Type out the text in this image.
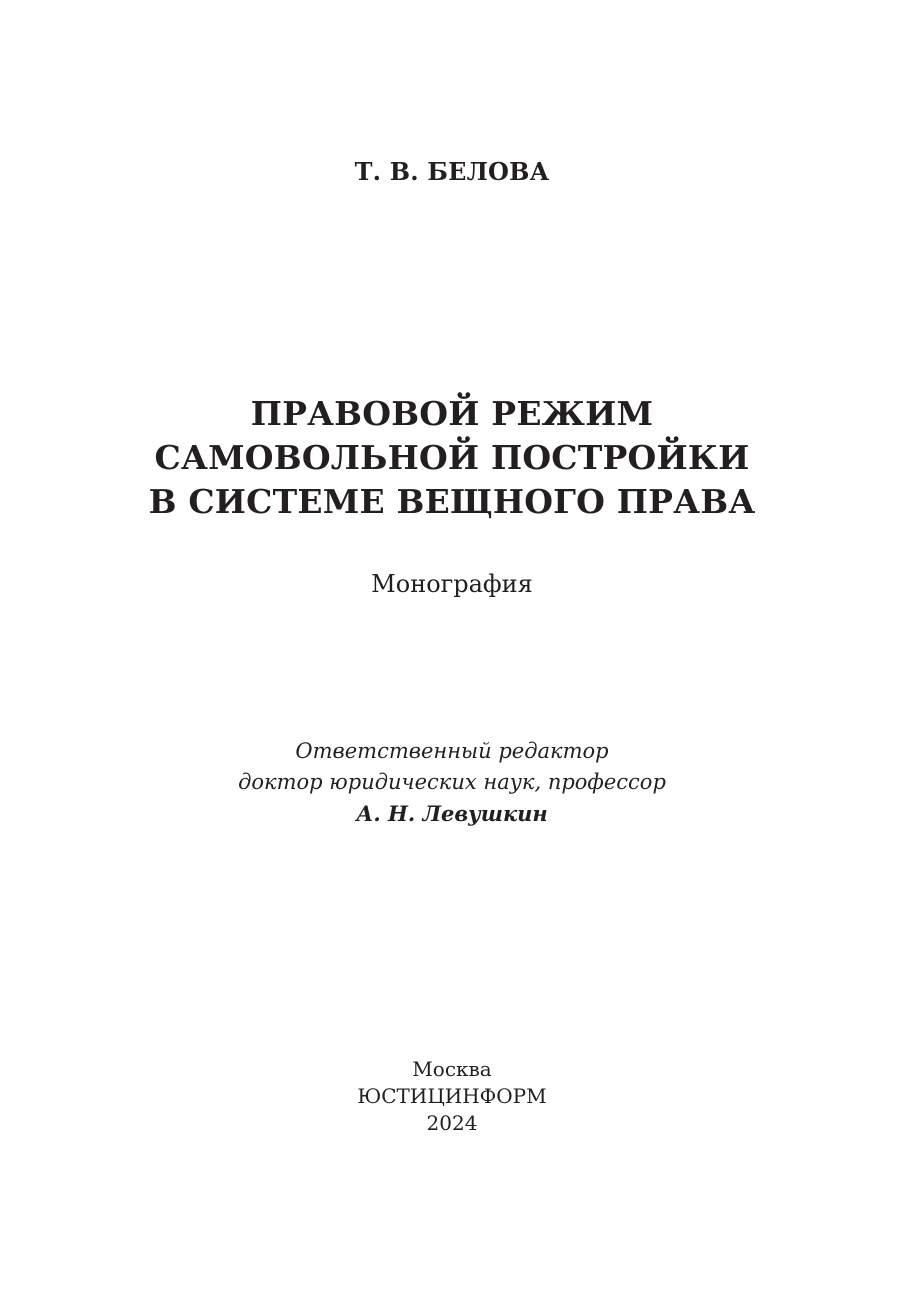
Т. В. БЕЛОВА
ПРАВОВОЙ РЕЖИМ
САМОВОЛЬНОЙ ПОСТРОЙКИ
В СИСТЕМЕ ВЕЩНОГО ПРАВА
Монография
Ответственный редактор
доктор юридических наук, профессор
А. Н. Левушкин
Москва
ЮСТИЦИНФОРМ
2024
